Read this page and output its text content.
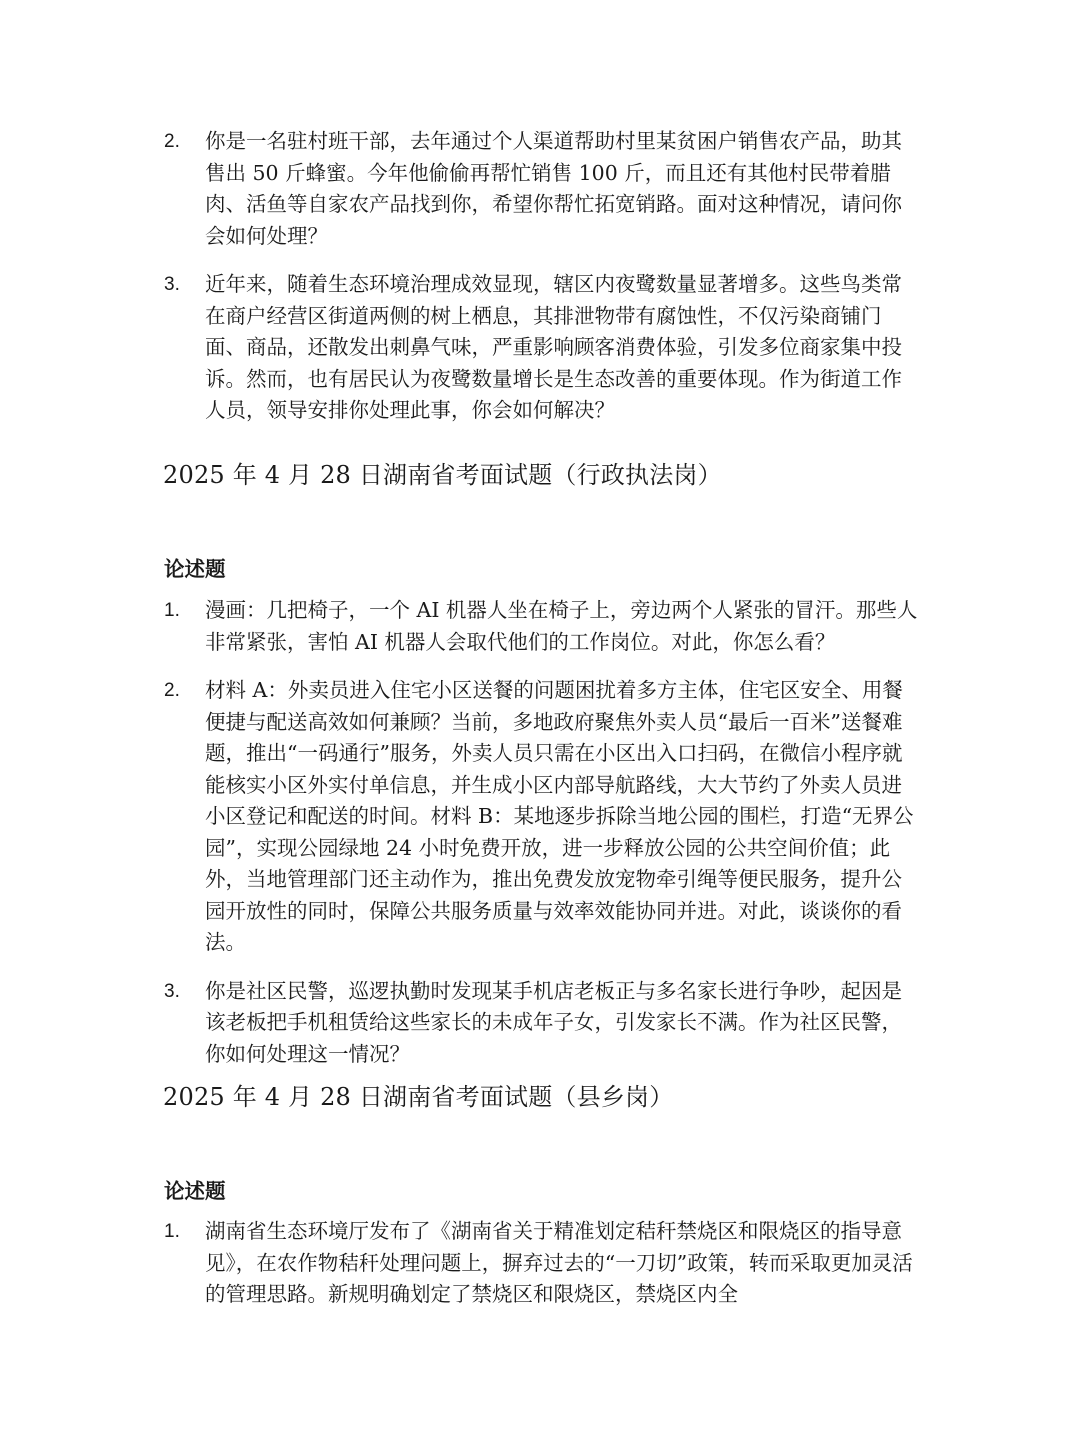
2. 你是一名驻村班干部，去年通过个人渠道帮助村里某贫困户销售农产品，助其售出 50 斤蜂蜜。今年他偷偷再帮忙销售 100 斤，而且还有其他村民带着腊肉、活鱼等自家农产品找到你，希望你帮忙拓宽销路。面对这种情况，请问你会如何处理？
3. 近年来，随着生态环境治理成效显现，辖区内夜鹭数量显著增多。这些鸟类常在商户经营区街道两侧的树上栖息，其排泄物带有腐蚀性，不仅污染商铺门面、商品，还散发出刺鼻气味，严重影响顾客消费体验，引发多位商家集中投诉。然而，也有居民认为夜鹭数量增长是生态改善的重要体现。作为街道工作人员，领导安排你处理此事，你会如何解决？
2025 年 4 月 28 日湖南省考面试题（行政执法岗）
论述题
1. 漫画：几把椅子，一个 AI 机器人坐在椅子上，旁边两个人紧张的冒汗。那些人非常紧张，害怕 AI 机器人会取代他们的工作岗位。对此，你怎么看？
2. 材料 A：外卖员进入住宅小区送餐的问题困扰着多方主体，住宅区安全、用餐便捷与配送高效如何兼顾？当前，多地政府聚焦外卖人员“最后一百米”送餐难题，推出“一码通行”服务，外卖人员只需在小区出入口扫码，在微信小程序就能核实小区外实付单信息，并生成小区内部导航路线，大大节约了外卖人员进小区登记和配送的时间。材料 B：某地逐步拆除当地公园的围栏，打造“无界公园”，实现公园绿地 24 小时免费开放，进一步释放公园的公共空间价值；此外，当地管理部门还主动作为，推出免费发放宠物牵引绳等便民服务，提升公园开放性的同时，保障公共服务质量与效率效能协同并进。对此，谈谈你的看法。
3. 你是社区民警，巡逻执勤时发现某手机店老板正与多名家长进行争吵，起因是该老板把手机租赁给这些家长的未成年子女，引发家长不满。作为社区民警，你如何处理这一情况？
2025 年 4 月 28 日湖南省考面试题（县乡岗）
论述题
1. 湖南省生态环境厅发布了《湖南省关于精准划定秸秆禁烧区和限烧区的指导意见》，在农作物秸秆处理问题上，摒弃过去的“一刀切”政策，转而采取更加灵活的管理思路。新规明确划定了禁烧区和限烧区，禁烧区内全
